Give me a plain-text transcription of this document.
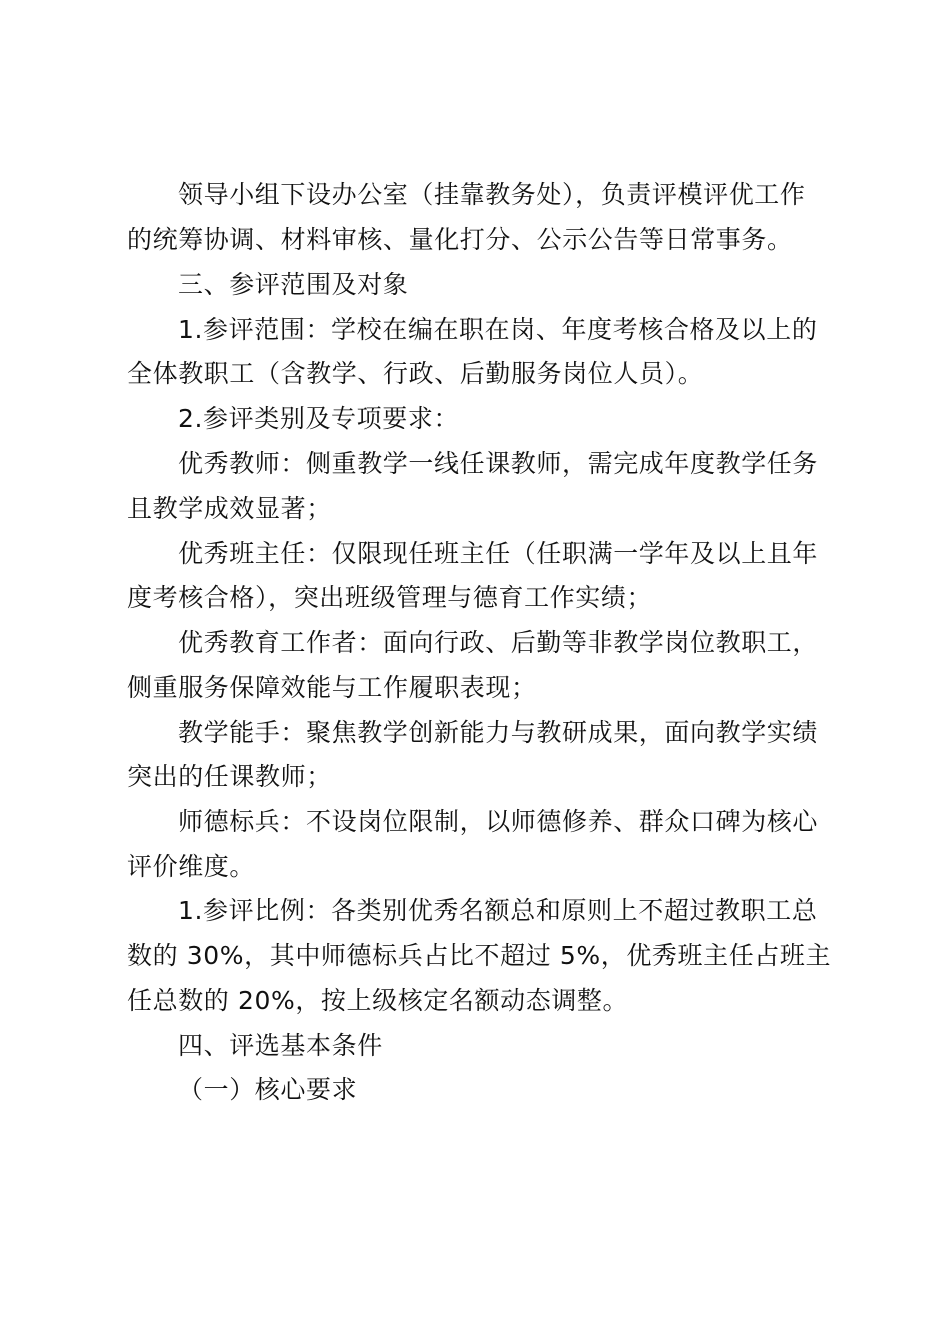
领导小组下设办公室（挂靠教务处），负责评模评优工作
的统筹协调、材料审核、量化打分、公示公告等日常事务。
三、参评范围及对象
1.参评范围：学校在编在职在岗、年度考核合格及以上的
全体教职工（含教学、行政、后勤服务岗位人员）。
2.参评类别及专项要求：
优秀教师：侧重教学一线任课教师，需完成年度教学任务
且教学成效显著；
优秀班主任：仅限现任班主任（任职满一学年及以上且年
度考核合格），突出班级管理与德育工作实绩；
优秀教育工作者：面向行政、后勤等非教学岗位教职工，
侧重服务保障效能与工作履职表现；
教学能手：聚焦教学创新能力与教研成果，面向教学实绩
突出的任课教师；
师德标兵：不设岗位限制，以师德修养、群众口碑为核心
评价维度。
1.参评比例：各类别优秀名额总和原则上不超过教职工总
数的 30%，其中师德标兵占比不超过 5%，优秀班主任占班主
任总数的 20%，按上级核定名额动态调整。
四、评选基本条件
（一）核心要求
